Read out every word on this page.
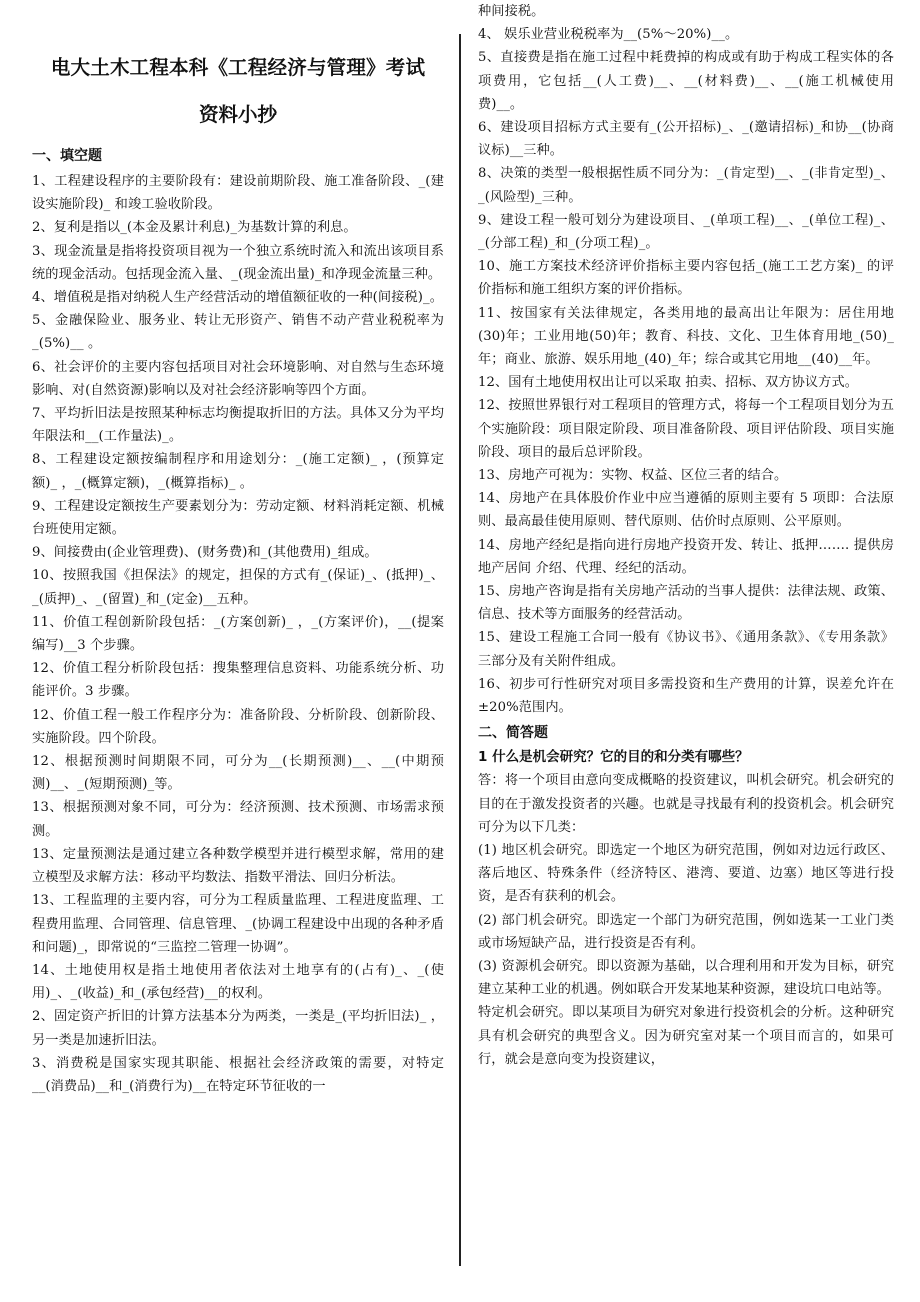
电大土木工程本科《工程经济与管理》考试
资料小抄

一、填空题

1、工程建设程序的主要阶段有：建设前期阶段、施工准备阶段、_(建设实施阶段)_ 和竣工验收阶段。

2、复利是指以_(本金及累计利息)_为基数计算的利息。

3、现金流量是指将投资项目视为一个独立系统时流入和流出该项目系统的现金活动。包括现金流入量、_(现金流出量)_和净现金流量三种。

4、增值税是指对纳税人生产经营活动的增值额征收的一种(间接税)_。

5、金融保险业、服务业、转让无形资产、销售不动产营业税税率为 _(5%)__ 。

6、社会评价的主要内容包括项目对社会环境影响、对自然与生态环境影响、对(自然资源)影响以及对社会经济影响等四个方面。

7、平均折旧法是按照某种标志均衡提取折旧的方法。具体又分为平均年限法和__(工作量法)_。

8、工程建设定额按编制程序和用途划分：_(施工定额)_ ，(预算定额)_ ，_(概算定额)，_(概算指标)_ 。

9、工程建设定额按生产要素划分为：劳动定额、材料消耗定额、机械台班使用定额。

9、间接费由(企业管理费)、(财务费)和_(其他费用)_组成。

10、按照我国《担保法》的规定，担保的方式有_(保证)_、(抵押)_、_(质押)_、_(留置)_和_(定金)__五种。

11、价值工程创新阶段包括：_(方案创新)_ ，_(方案评价)，__(提案编写)__3 个步骤。

12、价值工程分析阶段包括：搜集整理信息资料、功能系统分析、功能评价。3 步骤。

12、价值工程一般工作程序分为：准备阶段、分析阶段、创新阶段、实施阶段。四个阶段。

12、根据预测时间期限不同，可分为__(长期预测)__、__(中期预测)__、_(短期预测)_等。

13、根据预测对象不同，可分为：经济预测、技术预测、市场需求预测。

13、定量预测法是通过建立各种数学模型并进行模型求解，常用的建立模型及求解方法：移动平均数法、指数平滑法、回归分析法。

13、工程监理的主要内容，可分为工程质量监理、工程进度监理、工程费用监理、合同管理、信息管理、_(协调工程建设中出现的各种矛盾和问题)_，即常说的“三监控二管理一协调”。

14、土地使用权是指土地使用者依法对土地享有的(占有)_、_(使用)_、_(收益)_和_(承包经营)__的权利。

2、固定资产折旧的计算方法基本分为两类，一类是_(平均折旧法)_ ，另一类是加速折旧法。

3、消费税是国家实现其职能、根据社会经济政策的需要，对特定__(消费品)__和_(消费行为)__在特定环节征收的一

种间接税。

4、 娱乐业营业税税率为__(5%～20%)__。

5、直接费是指在施工过程中耗费掉的构成或有助于构成工程实体的各项费用，它包括__(人工费)__、__(材料费)__、__(施工机械使用费)__。

6、建设项目招标方式主要有_(公开招标)_、_(邀请招标)_和协__(协商议标)__三种。

8、决策的类型一般根据性质不同分为：_(肯定型)__、_(非肯定型)_、_(风险型)_三种。

9、建设工程一般可划分为建设项目、_(单项工程)__、_(单位工程)_、_(分部工程)_和_(分项工程)_。

10、施工方案技术经济评价指标主要内容包括_(施工工艺方案)_ 的评价指标和施工组织方案的评价指标。

11、按国家有关法律规定，各类用地的最高出让年限为：居住用地(30)年；工业用地(50)年；教育、科技、文化、卫生体育用地_(50)_年；商业、旅游、娱乐用地_(40)_年；综合或其它用地__(40)__年。

12、国有土地使用权出让可以采取 拍卖、招标、双方协议方式。

12、按照世界银行对工程项目的管理方式，将每一个工程项目划分为五个实施阶段：项目限定阶段、项目准备阶段、项目评估阶段、项目实施阶段、项目的最后总评阶段。

13、房地产可视为：实物、权益、区位三者的结合。

14、房地产在具体股价作业中应当遵循的原则主要有 5 项即：合法原则、最高最佳使用原则、替代原则、估价时点原则、公平原则。

14、房地产经纪是指向进行房地产投资开发、转让、抵押……. 提供房地产居间 介绍、代理、经纪的活动。

15、房地产咨询是指有关房地产活动的当事人提供：法律法规、政策、信息、技术等方面服务的经营活动。

15、建设工程施工合同一般有《协议书》、《通用条款》、《专用条款》 三部分及有关附件组成。

16、初步可行性研究对项目多需投资和生产费用的计算，误差允许在±20%范围内。

二、简答题

1 什么是机会研究？它的目的和分类有哪些？

答：将一个项目由意向变成概略的投资建议，叫机会研究。机会研究的目的在于激发投资者的兴趣。也就是寻找最有利的投资机会。机会研究可分为以下几类：

(1) 地区机会研究。即选定一个地区为研究范围，例如对边远行政区、落后地区、特殊条件（经济特区、港湾、要道、边塞）地区等进行投资，是否有获利的机会。

(2) 部门机会研究。即选定一个部门为研究范围，例如选某一工业门类或市场短缺产品，进行投资是否有利。

(3) 资源机会研究。即以资源为基础，以合理利用和开发为目标，研究建立某种工业的机遇。例如联合开发某地某种资源，建设坑口电站等。

特定机会研究。即以某项目为研究对象进行投资机会的分析。这种研究具有机会研究的典型含义。因为研究室对某一个项目而言的，如果可行，就会是意向变为投资建议，
